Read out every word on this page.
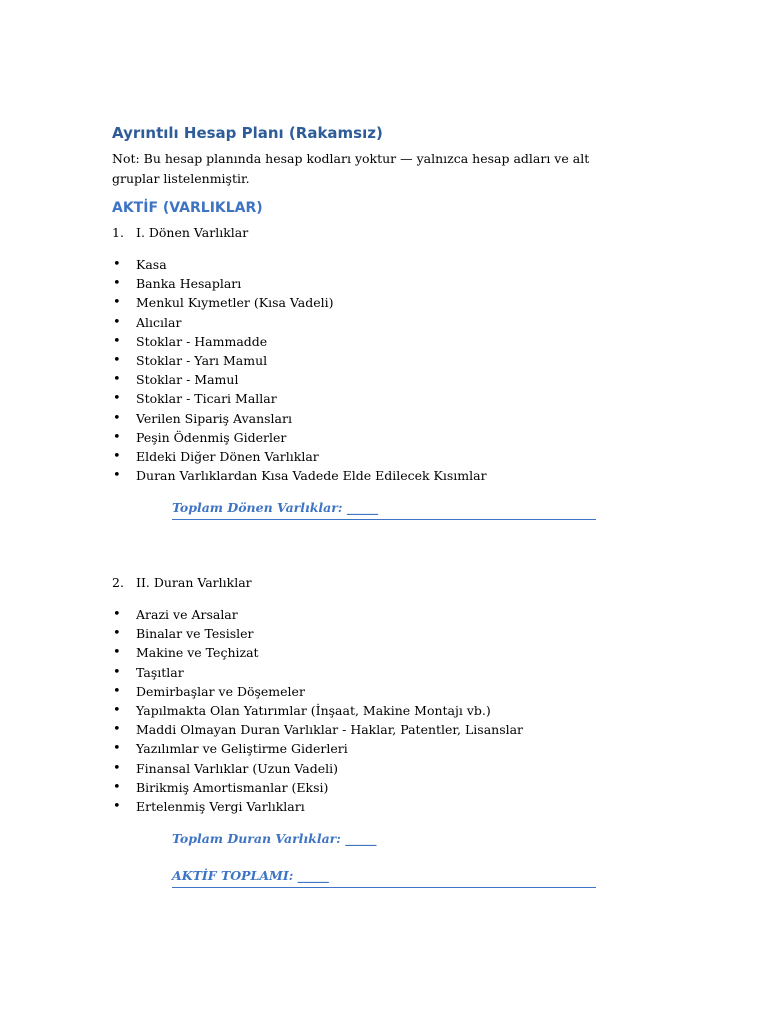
Ayrıntılı Hesap Planı (Rakamsız)
Not: Bu hesap planında hesap kodları yoktur — yalnızca hesap adları ve alt gruplar listelenmiştir.
AKTİF (VARLIKLAR)
1. I. Dönen Varlıklar
• Kasa
• Banka Hesapları
• Menkul Kıymetler (Kısa Vadeli)
• Alıcılar
• Stoklar - Hammadde
• Stoklar - Yarı Mamul
• Stoklar - Mamul
• Stoklar - Ticari Mallar
• Verilen Sipariş Avansları
• Peşin Ödenmiş Giderler
• Eldeki Diğer Dönen Varlıklar
• Duran Varlıklardan Kısa Vadede Elde Edilecek Kısımlar
Toplam Dönen Varlıklar: _____
2. II. Duran Varlıklar
• Arazi ve Arsalar
• Binalar ve Tesisler
• Makine ve Teçhizat
• Taşıtlar
• Demirbaşlar ve Döşemeler
• Yapılmakta Olan Yatırımlar (İnşaat, Makine Montajı vb.)
• Maddi Olmayan Duran Varlıklar - Haklar, Patentler, Lisanslar
• Yazılımlar ve Geliştirme Giderleri
• Finansal Varlıklar (Uzun Vadeli)
• Birikmiş Amortismanlar (Eksi)
• Ertelenmiş Vergi Varlıkları
Toplam Duran Varlıklar: _____
AKTİF TOPLAMI: _____
